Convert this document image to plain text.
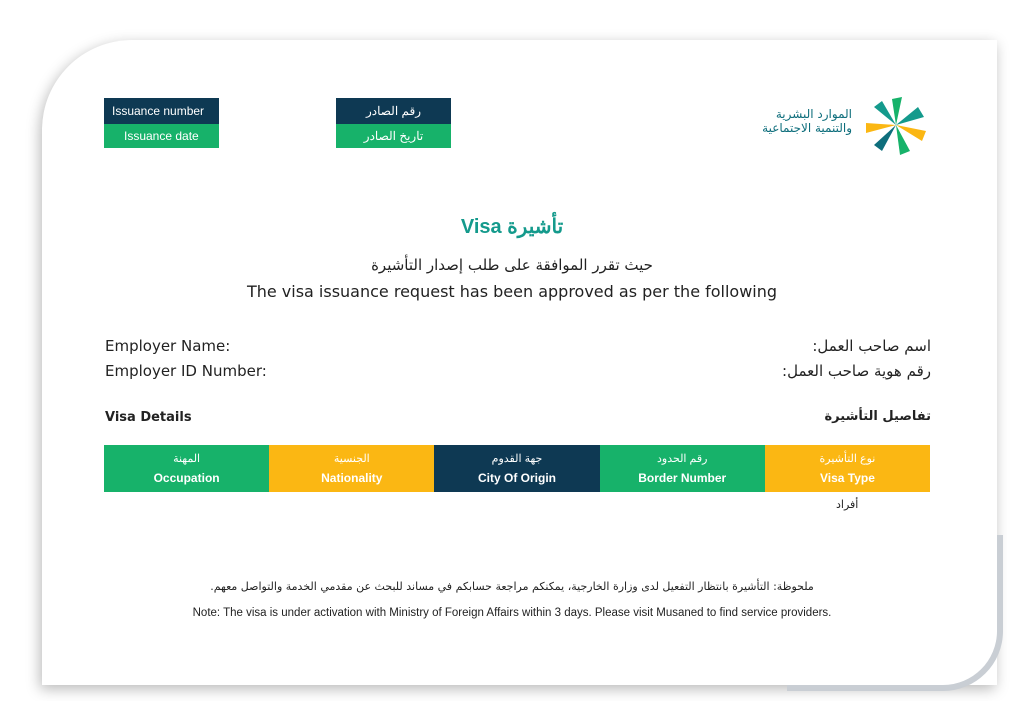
Issuance number
Issuance date
رقم الصادر
تاريخ الصادر
الموارد البشرية
والتنمية الاجتماعية
Visa تأشيرة
حيث تقرر الموافقة على طلب إصدار التأشيرة
The visa issuance request has been approved as per the following
Employer Name:
Employer ID Number:
اسم صاحب العمل:
رقم هوية صاحب العمل:
Visa Details	تفاصيل التأشيرة
المهنة
Occupation
الجنسية
Nationality
جهة القدوم
City Of Origin
رقم الحدود
Border Number
نوع التأشيرة
Visa Type
أفراد
.ملحوظة: التأشيرة بانتظار التفعيل لدى وزارة الخارجية، يمكنكم مراجعة حسابكم في مساند للبحث عن مقدمي الخدمة والتواصل معهم
Note: The visa is under activation with Ministry of Foreign Affairs within 3 days. Please visit Musaned to find service providers.
